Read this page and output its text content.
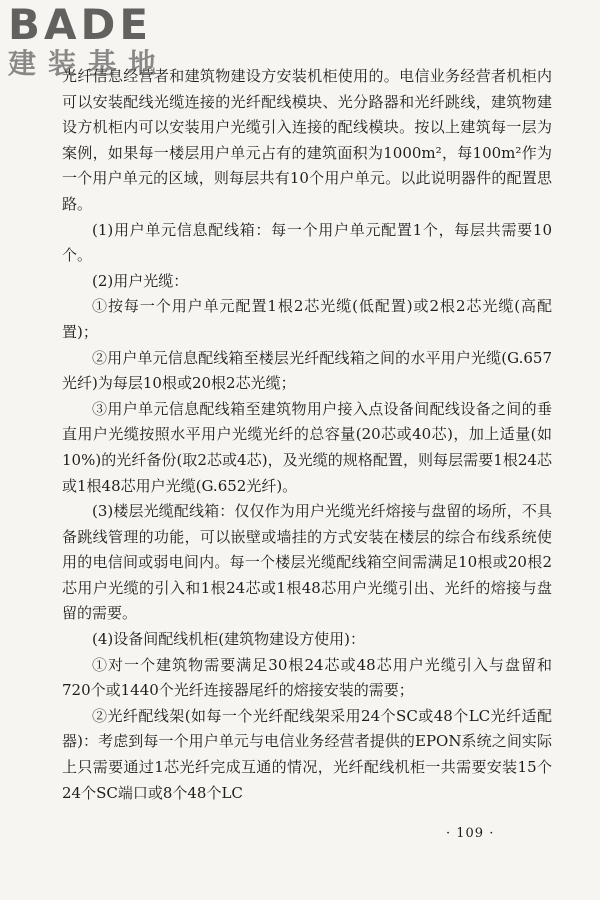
BADE
建装基地

光纤信息经营者和建筑物建设方安装机柜使用的。电信业务经营者机柜内可以安装配线光缆连接的光纤配线模块、光分路器和光纤跳线，建筑物建设方机柜内可以安装用户光缆引入连接的配线模块。按以上建筑每一层为案例，如果每一楼层用户单元占有的建筑面积为1000m²，每100m²作为一个用户单元的区域，则每层共有10个用户单元。以此说明器件的配置思路。

(1)用户单元信息配线箱：每一个用户单元配置1个，每层共需要10个。

(2)用户光缆：

①按每一个用户单元配置1根2芯光缆(低配置)或2根2芯光缆(高配置)；

②用户单元信息配线箱至楼层光纤配线箱之间的水平用户光缆(G.657光纤)为每层10根或20根2芯光缆；

③用户单元信息配线箱至建筑物用户接入点设备间配线设备之间的垂直用户光缆按照水平用户光缆光纤的总容量(20芯或40芯)，加上适量(如10%)的光纤备份(取2芯或4芯)，及光缆的规格配置，则每层需要1根24芯或1根48芯用户光缆(G.652光纤)。

(3)楼层光缆配线箱：仅仅作为用户光缆光纤熔接与盘留的场所，不具备跳线管理的功能，可以嵌壁或墙挂的方式安装在楼层的综合布线系统使用的电信间或弱电间内。每一个楼层光缆配线箱空间需满足10根或20根2芯用户光缆的引入和1根24芯或1根48芯用户光缆引出、光纤的熔接与盘留的需要。

(4)设备间配线机柜(建筑物建设方使用)：

①对一个建筑物需要满足30根24芯或48芯用户光缆引入与盘留和720个或1440个光纤连接器尾纤的熔接安装的需要；

②光纤配线架(如每一个光纤配线架采用24个SC或48个LC光纤适配器)：考虑到每一个用户单元与电信业务经营者提供的EPON系统之间实际上只需要通过1芯光纤完成互通的情况，光纤配线机柜一共需要安装15个24个SC端口或8个48个LC

· 109 ·
